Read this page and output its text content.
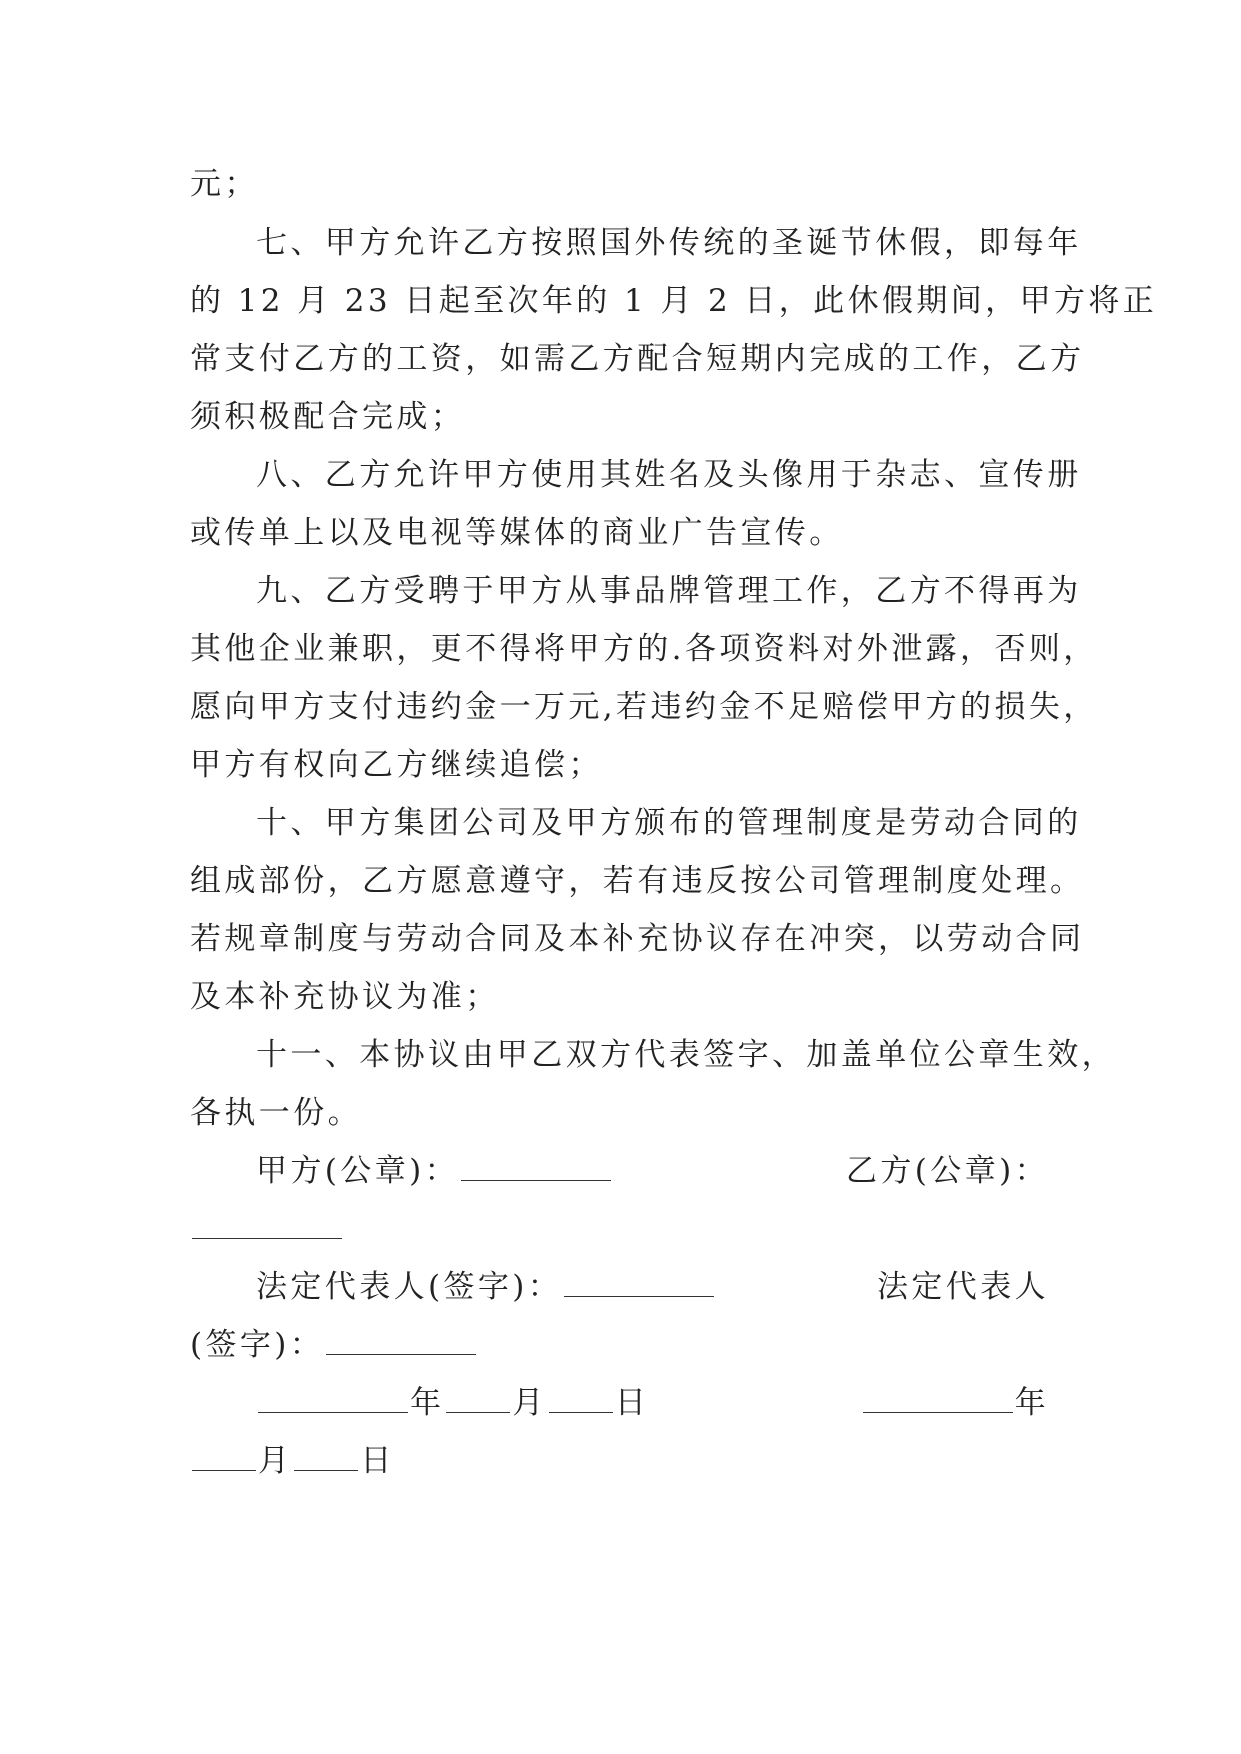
元；
七、甲方允许乙方按照国外传统的圣诞节休假，即每年
的 12 月 23 日起至次年的 1 月 2 日，此休假期间，甲方将正
常支付乙方的工资，如需乙方配合短期内完成的工作，乙方
须积极配合完成；
八、乙方允许甲方使用其姓名及头像用于杂志、宣传册
或传单上以及电视等媒体的商业广告宣传。
九、乙方受聘于甲方从事品牌管理工作，乙方不得再为
其他企业兼职，更不得将甲方的.各项资料对外泄露，否则，
愿向甲方支付违约金一万元,若违约金不足赔偿甲方的损失，
甲方有权向乙方继续追偿；
十、甲方集团公司及甲方颁布的管理制度是劳动合同的
组成部份，乙方愿意遵守，若有违反按公司管理制度处理。
若规章制度与劳动合同及本补充协议存在冲突，以劳动合同
及本补充协议为准；
十一、本协议由甲乙双方代表签字、加盖单位公章生效，
各执一份。
甲方(公章)：	乙方(公章)：
法定代表人(签字)：	法定代表人
(签字)：
年 月 日	年
月 日
